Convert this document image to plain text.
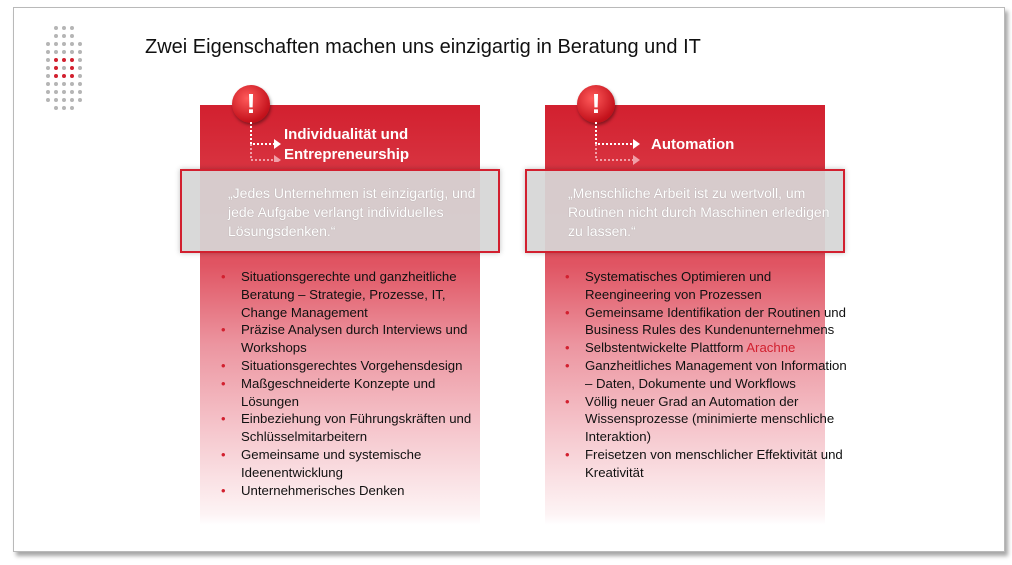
Zwei Eigenschaften machen uns einzigartig in Beratung und IT
!
Individualität und Entrepreneurship
„Jedes Unternehmen ist einzigartig, und jede Aufgabe verlangt individuelles Lösungsdenken.“
• Situationsgerechte und ganzheitliche Beratung – Strategie, Prozesse, IT, Change Management
• Präzise Analysen durch Interviews und Workshops
• Situationsgerechtes Vorgehensdesign
• Maßgeschneiderte Konzepte und Lösungen
• Einbeziehung von Führungskräften und Schlüsselmitarbeitern
• Gemeinsame und systemische Ideenentwicklung
• Unternehmerisches Denken
!
Automation
„Menschliche Arbeit ist zu wertvoll, um Routinen nicht durch Maschinen erledigen zu lassen.“
• Systematisches Optimieren und Reengineering von Prozessen
• Gemeinsame Identifikation der Routinen und Business Rules des Kundenunternehmens
• Selbstentwickelte Plattform Arachne
• Ganzheitliches Management von Information – Daten, Dokumente und Workflows
• Völlig neuer Grad an Automation der Wissensprozesse (minimierte menschliche Interaktion)
• Freisetzen von menschlicher Effektivität und Kreativität
